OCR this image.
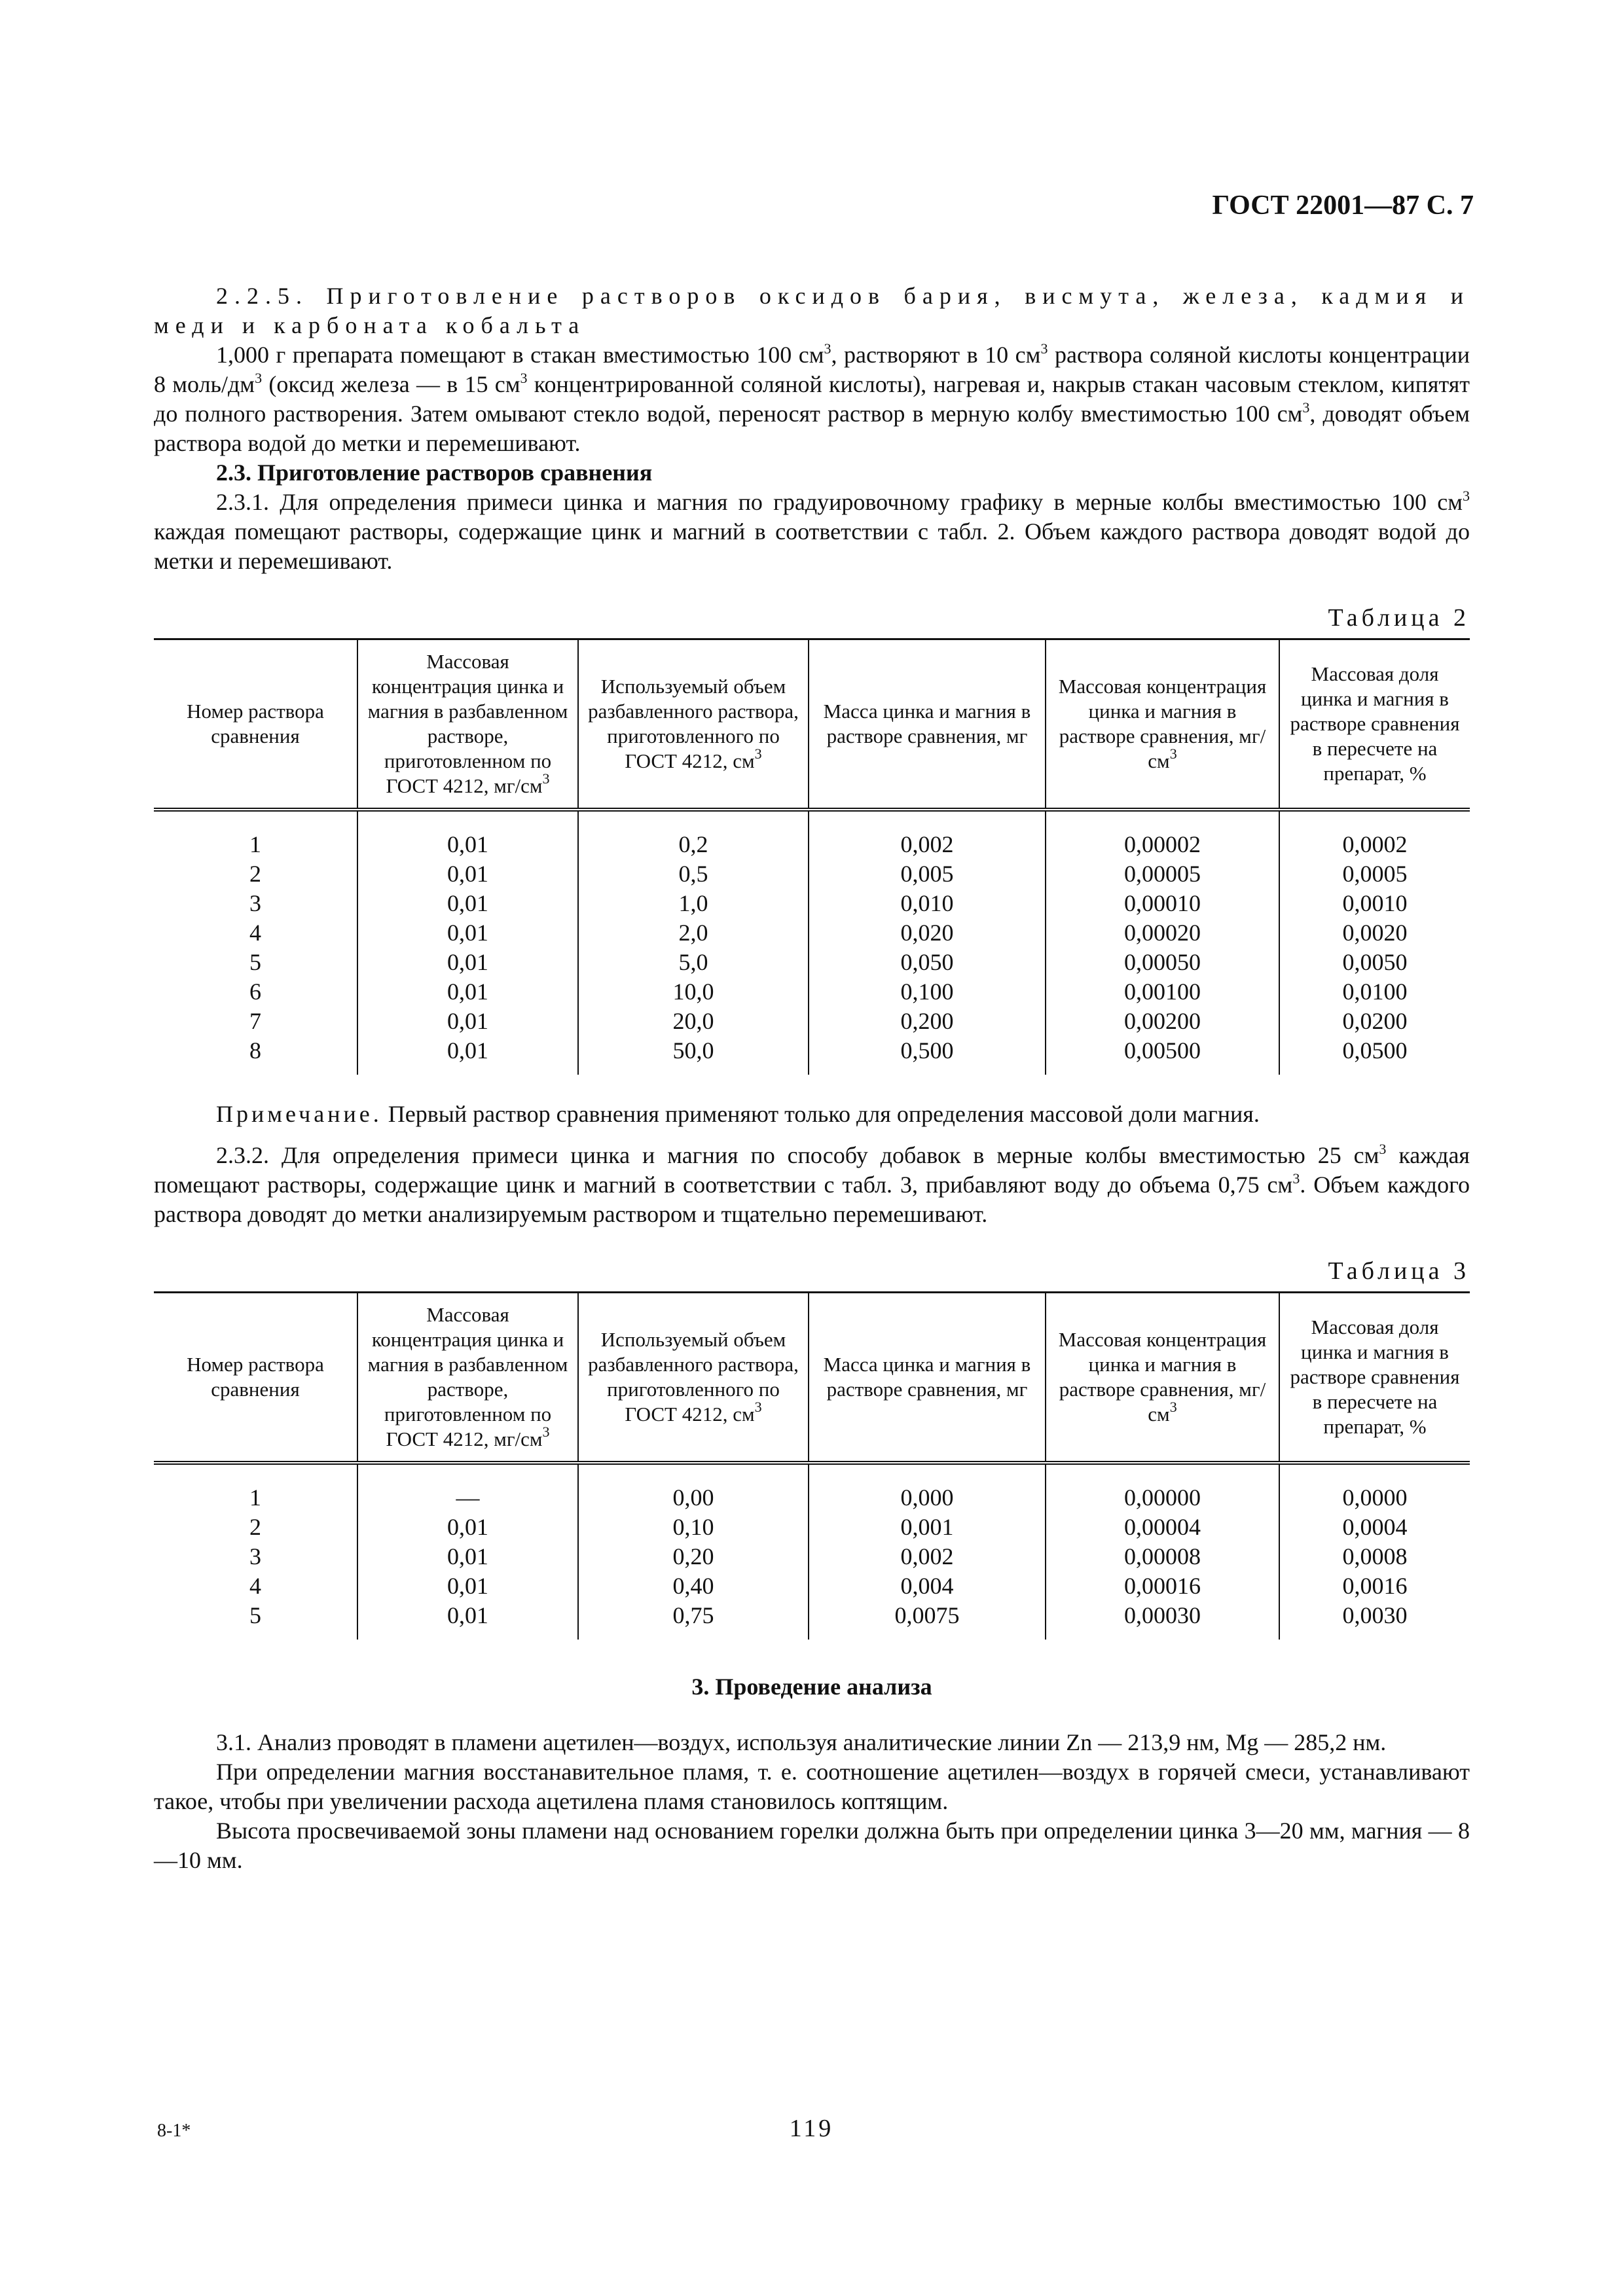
ГОСТ 22001—87 С. 7

2.2.5. Приготовление растворов оксидов бария, висмута, железа, кадмия и меди и карбоната кобальта

1,000 г препарата помещают в стакан вместимостью 100 $см^3$, растворяют в 10 $см^3$ раствора соляной кислоты концентрации 8 моль/$дм^3$ (оксид железа — в 15 $см^3$ концентрированной соляной кислоты), нагревая и, накрыв стакан часовым стеклом, кипятят до полного растворения. Затем омывают стекло водой, переносят раствор в мерную колбу вместимостью 100 $см^3$, доводят объем раствора водой до метки и перемешивают.

2.3. Приготовление растворов сравнения

2.3.1. Для определения примеси цинка и магния по градуировочному графику в мерные колбы вместимостью 100 $см^3$ каждая помещают растворы, содержащие цинк и магний в соответствии с табл. 2. Объем каждого раствора доводят водой до метки и перемешивают.

Таблица 2
Номер раствора сравнения	Массовая концентрация цинка и магния в разбавленном растворе, приготовленном по ГОСТ 4212, $мг/см^3$	Используемый объем разбавленного раствора, приготовленного по ГОСТ 4212, $см^3$	Масса цинка и магния в растворе сравнения, мг	Массовая концентрация цинка и магния в растворе сравнения, $мг/см^3$	Массовая доля цинка и магния в растворе сравнения в пересчете на препарат, %
1	0,01	0,2	0,002	0,00002	0,0002
2	0,01	0,5	0,005	0,00005	0,0005
3	0,01	1,0	0,010	0,00010	0,0010
4	0,01	2,0	0,020	0,00020	0,0020
5	0,01	5,0	0,050	0,00050	0,0050
6	0,01	10,0	0,100	0,00100	0,0100
7	0,01	20,0	0,200	0,00200	0,0200
8	0,01	50,0	0,500	0,00500	0,0500

Примечание. Первый раствор сравнения применяют только для определения массовой доли магния.

2.3.2. Для определения примеси цинка и магния по способу добавок в мерные колбы вместимостью 25 $см^3$ каждая помещают растворы, содержащие цинк и магний в соответствии с табл. 3, прибавляют воду до объема 0,75 $см^3$. Объем каждого раствора доводят до метки анализируемым раствором и тщательно перемешивают.

Таблица 3
Номер раствора сравнения	Массовая концентрация цинка и магния в разбавленном растворе, приготовленном по ГОСТ 4212, $мг/см^3$	Используемый объем разбавленного раствора, приготовленного по ГОСТ 4212, $см^3$	Масса цинка и магния в растворе сравнения, мг	Массовая концентрация цинка и магния в растворе сравнения, $мг/см^3$	Массовая доля цинка и магния в растворе сравнения в пересчете на препарат, %
1	—	0,00	0,000	0,00000	0,0000
2	0,01	0,10	0,001	0,00004	0,0004
3	0,01	0,20	0,002	0,00008	0,0008
4	0,01	0,40	0,004	0,00016	0,0016
5	0,01	0,75	0,0075	0,00030	0,0030
3. Проведение анализа

3.1. Анализ проводят в пламени ацетилен—воздух, используя аналитические линии Zn — 213,9 нм, Mg — 285,2 нм.

При определении магния восстанавительное пламя, т. е. соотношение ацетилен—воздух в горячей смеси, устанавливают такое, чтобы при увеличении расхода ацетилена пламя становилось коптящим.

Высота просвечиваемой зоны пламени над основанием горелки должна быть при определении цинка 3—20 мм, магния — 8—10 мм.

8-1*	119
